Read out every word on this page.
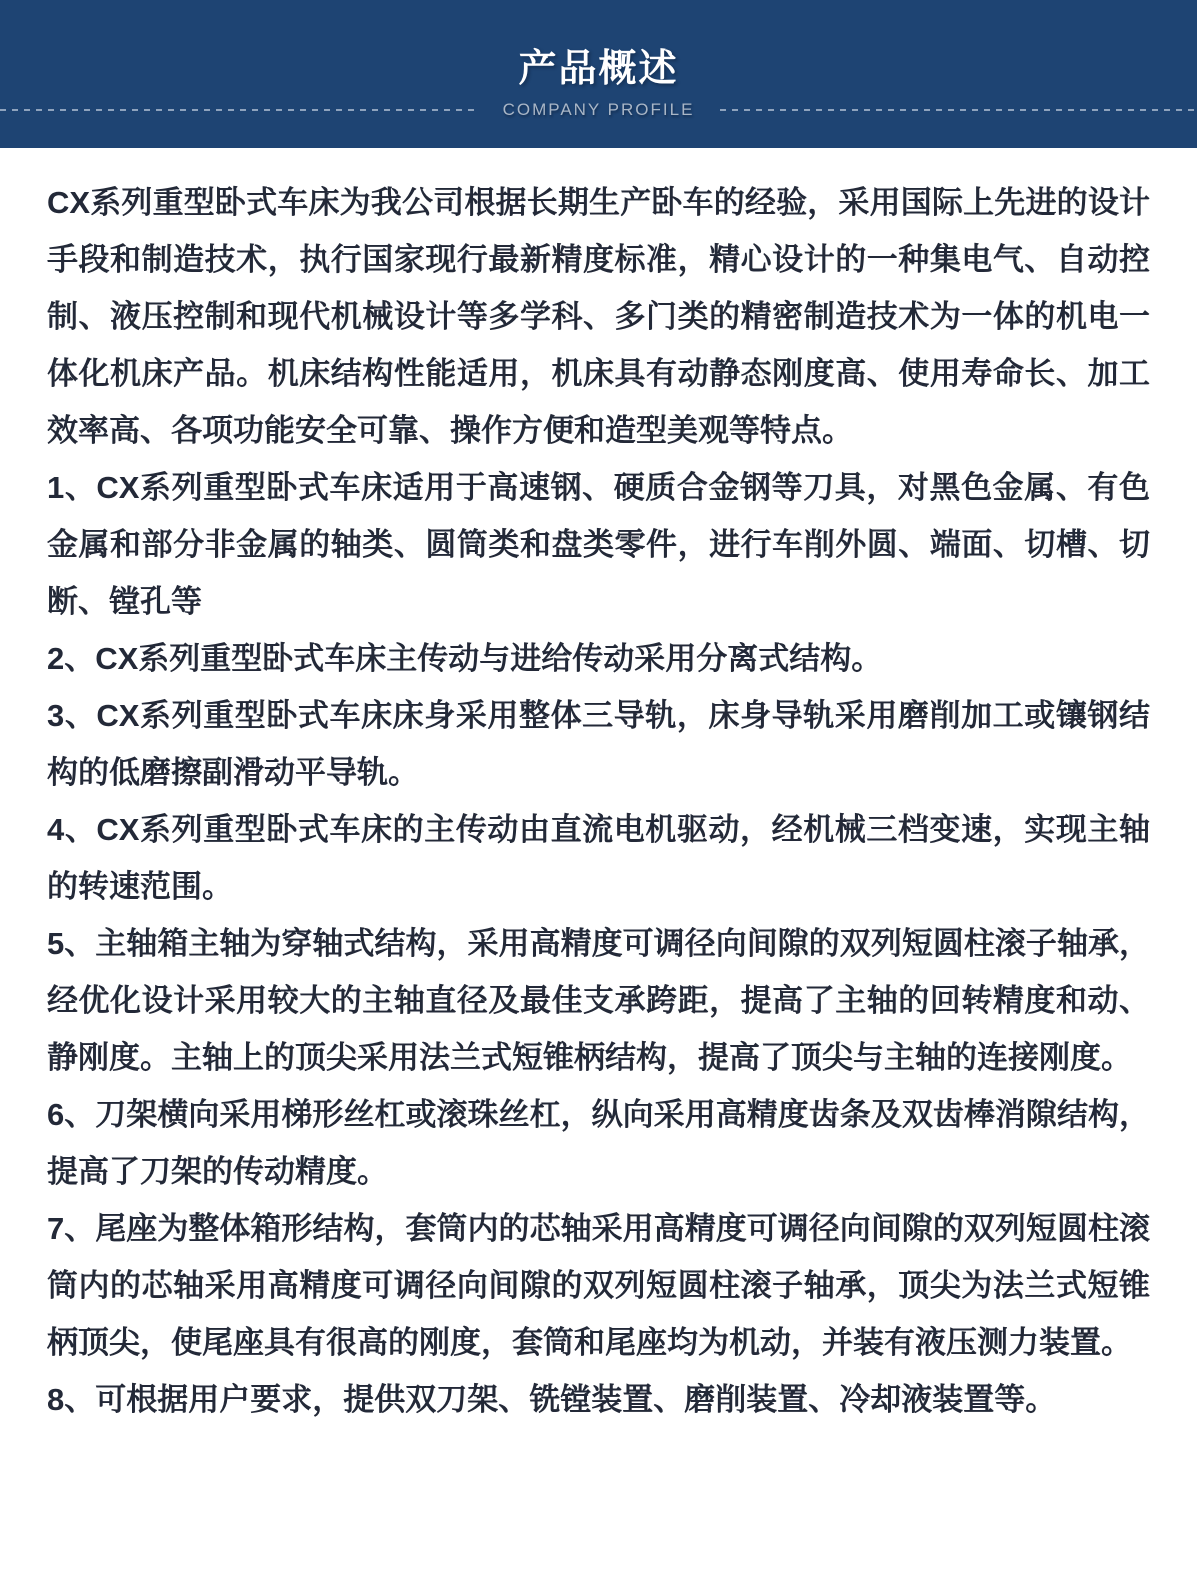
产品概述
COMPANY PROFILE

CX系列重型卧式车床为我公司根据长期生产卧车的经验，采用国际上先进的设计手段和制造技术，执行国家现行最新精度标准，精心设计的一种集电气、自动控制、液压控制和现代机械设计等多学科、多门类的精密制造技术为一体的机电一体化机床产品。机床结构性能适用，机床具有动静态刚度高、使用寿命长、加工效率高、各项功能安全可靠、操作方便和造型美观等特点。

1、CX系列重型卧式车床适用于高速钢、硬质合金钢等刀具，对黑色金属、有色金属和部分非金属的轴类、圆筒类和盘类零件，进行车削外圆、端面、切槽、切断、镗孔等

2、CX系列重型卧式车床主传动与进给传动采用分离式结构。

3、CX系列重型卧式车床床身采用整体三导轨，床身导轨采用磨削加工或镶钢结构的低磨擦副滑动平导轨。

4、CX系列重型卧式车床的主传动由直流电机驱动，经机械三档变速，实现主轴的转速范围。

5、主轴箱主轴为穿轴式结构，采用高精度可调径向间隙的双列短圆柱滚子轴承，经优化设计采用较大的主轴直径及最佳支承跨距，提高了主轴的回转精度和动、静刚度。主轴上的顶尖采用法兰式短锥柄结构，提高了顶尖与主轴的连接刚度。

6、刀架横向采用梯形丝杠或滚珠丝杠，纵向采用高精度齿条及双齿棒消隙结构，提高了刀架的传动精度。

7、尾座为整体箱形结构，套筒内的芯轴采用高精度可调径向间隙的双列短圆柱滚筒内的芯轴采用高精度可调径向间隙的双列短圆柱滚子轴承，顶尖为法兰式短锥柄顶尖，使尾座具有很高的刚度，套筒和尾座均为机动，并装有液压测力装置。

8、可根据用户要求，提供双刀架、铣镗装置、磨削装置、冷却液装置等。
